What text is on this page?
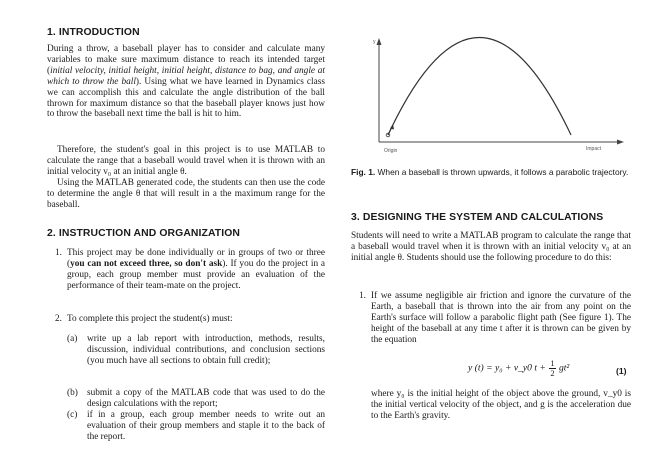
1. INTRODUCTION
During a throw, a baseball player has to consider and calculate many variables to make sure maximum distance to reach its intended target (initial velocity, initial height, initial height, distance to bag, and angle at which to throw the ball). Using what we have learned in Dynamics class we can accomplish this and calculate the angle distribution of the ball thrown for maximum distance so that the baseball player knows just how to throw the baseball next time the ball is hit to him.
Therefore, the student's goal in this project is to use MATLAB to calculate the range that a baseball would travel when it is thrown with an initial velocity v₀ at an initial angle θ.
Using the MATLAB generated code, the students can then use the code to determine the angle θ that will result in a the maximum range for the baseball.
2. INSTRUCTION AND ORGANIZATION
1. This project may be done individually or in groups of two or three (you can not exceed three, so don't ask). If you do the project in a group, each group member must provide an evaluation of the performance of their team-mate on the project.
2. To complete this project the student(s) must:
(a) write up a lab report with introduction, methods, results, discussion, individual contributions, and conclusion sections (you much have all sections to obtain full credit);
(b) submit a copy of the MATLAB code that was used to do the design calculations with the report;
(c) if in a group, each group member needs to write out an evaluation of their group members and staple it to the back of the report.
y
Origin	Impact
Fig. 1. When a baseball is thrown upwards, it follows a parabolic trajectory.
3. DESIGNING THE SYSTEM AND CALCULATIONS
Students will need to write a MATLAB program to calculate the range that a baseball would travel when it is thrown with an initial velocity v₀ at an initial angle θ. Students should use the following procedure to do this:
1. If we assume negligible air friction and ignore the curvature of the Earth, a baseball that is thrown into the air from any point on the Earth's surface will follow a parabolic flight path (See figure 1). The height of the baseball at any time t after it is thrown can be given by the equation
y (t) = y₀ + v_y0 $t + \frac{1}{2} gt^2$	(1)
where y₀ is the initial height of the object above the ground, v_y0 is the initial vertical velocity of the object, and g is the acceleration due to the Earth's gravity.
